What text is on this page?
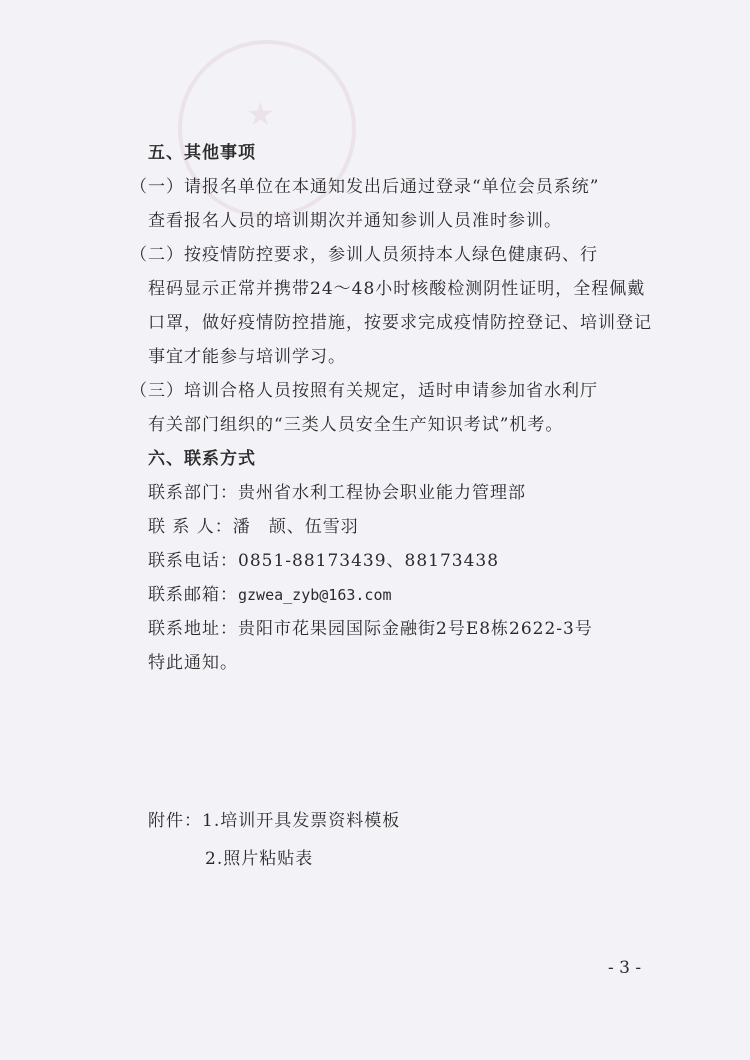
★
五、其他事项
（一）请报名单位在本通知发出后通过登录“单位会员系统”
查看报名人员的培训期次并通知参训人员准时参训。
（二）按疫情防控要求，参训人员须持本人绿色健康码、行
程码显示正常并携带24～48小时核酸检测阴性证明，全程佩戴
口罩，做好疫情防控措施，按要求完成疫情防控登记、培训登记
事宜才能参与培训学习。
（三）培训合格人员按照有关规定，适时申请参加省水利厅
有关部门组织的“三类人员安全生产知识考试”机考。
六、联系方式
联系部门：贵州省水利工程协会职业能力管理部
联 系 人：潘　颉、伍雪羽
联系电话：0851-88173439、88173438
联系邮箱：gzwea_zyb@163.com
联系地址：贵阳市花果园国际金融街2号E8栋2622-3号
特此通知。
附件：1.培训开具发票资料模板
2.照片粘贴表
- 3 -
